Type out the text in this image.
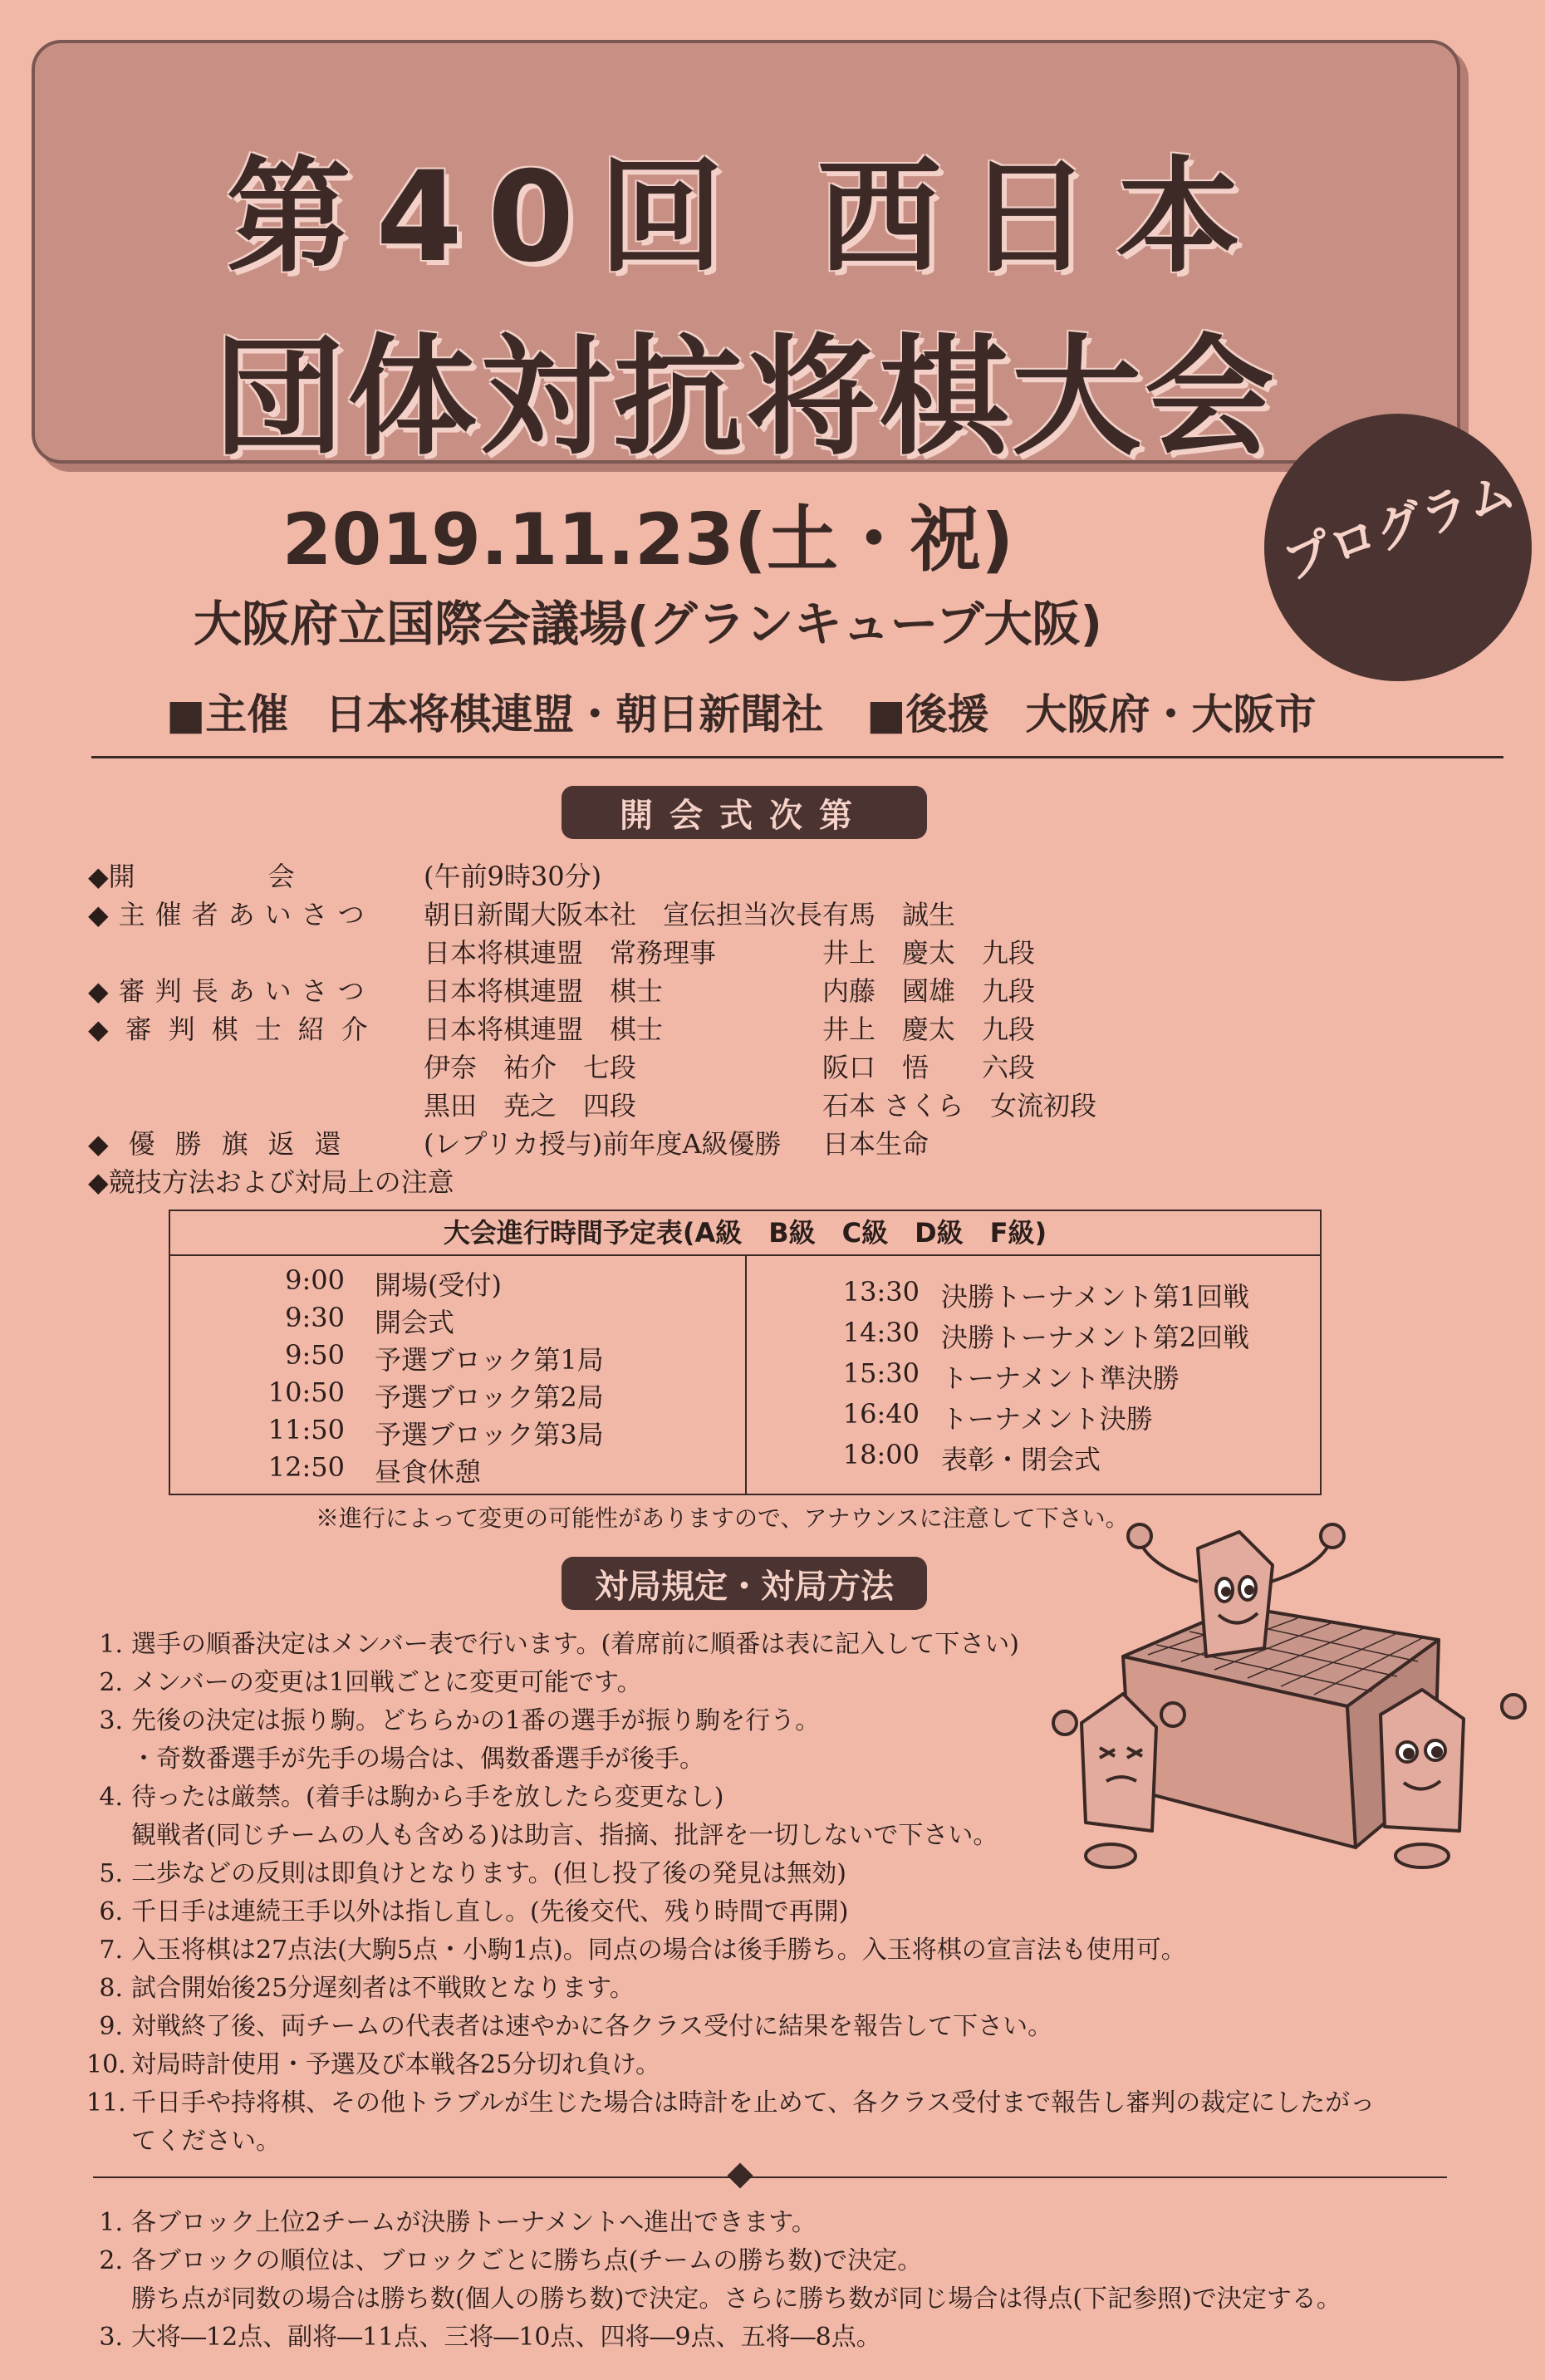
第40回 西日本
団体対抗将棋大会
プログラム
2019.11.23(土・祝)
大阪府立国際会議場(グランキューブ大阪)
■主催 日本将棋連盟・朝日新聞社 ■後援 大阪府・大阪市
開会式次第
◆開　　　　　会	(午前9時30分)
◆主催者あいさつ 朝日新聞大阪本社　宣伝担当次長 有馬　誠生
日本将棋連盟　常務理事	井上　慶太　九段
◆審判長あいさつ 日本将棋連盟　棋士	内藤　國雄　九段
◆審判棋士紹介 日本将棋連盟　棋士	井上　慶太　九段
伊奈　祐介　七段	阪口　悟　　六段
黒田　尭之　四段	石本 さくら　女流初段
◆優勝旗返還 (レプリカ授与)前年度A級優勝 日本生命
◆競技方法および対局上の注意
大会進行時間予定表(A級　B級　C級　D級　F級)
9:00 開場(受付)
9:30 開会式
9:50 予選ブロック第1局
10:50 予選ブロック第2局
11:50 予選ブロック第3局
12:50 昼食休憩
13:30 決勝トーナメント第1回戦
14:30 決勝トーナメント第2回戦
15:30 トーナメント準決勝
16:40 トーナメント決勝
18:00 表彰・閉会式
※進行によって変更の可能性がありますので、アナウンスに注意して下さい。
対局規定・対局方法
1. 選手の順番決定はメンバー表で行います。(着席前に順番は表に記入して下さい)
2. メンバーの変更は1回戦ごとに変更可能です。
3. 先後の決定は振り駒。どちらかの1番の選手が振り駒を行う。
・奇数番選手が先手の場合は、偶数番選手が後手。
4. 待ったは厳禁。(着手は駒から手を放したら変更なし)
観戦者(同じチームの人も含める)は助言、指摘、批評を一切しないで下さい。
5. 二歩などの反則は即負けとなります。(但し投了後の発見は無効)
6. 千日手は連続王手以外は指し直し。(先後交代、残り時間で再開)
7. 入玉将棋は27点法(大駒5点・小駒1点)。同点の場合は後手勝ち。入玉将棋の宣言法も使用可。
8. 試合開始後25分遅刻者は不戦敗となります。
9. 対戦終了後、両チームの代表者は速やかに各クラス受付に結果を報告して下さい。
10. 対局時計使用・予選及び本戦各25分切れ負け。
11. 千日手や持将棋、その他トラブルが生じた場合は時計を止めて、各クラス受付まで報告し審判の裁定にしたがっ
てください。
1. 各ブロック上位2チームが決勝トーナメントへ進出できます。
2. 各ブロックの順位は、ブロックごとに勝ち点(チームの勝ち数)で決定。
勝ち点が同数の場合は勝ち数(個人の勝ち数)で決定。さらに勝ち数が同じ場合は得点(下記参照)で決定する。
3. 大将―12点、副将―11点、三将―10点、四将―9点、五将―8点。
